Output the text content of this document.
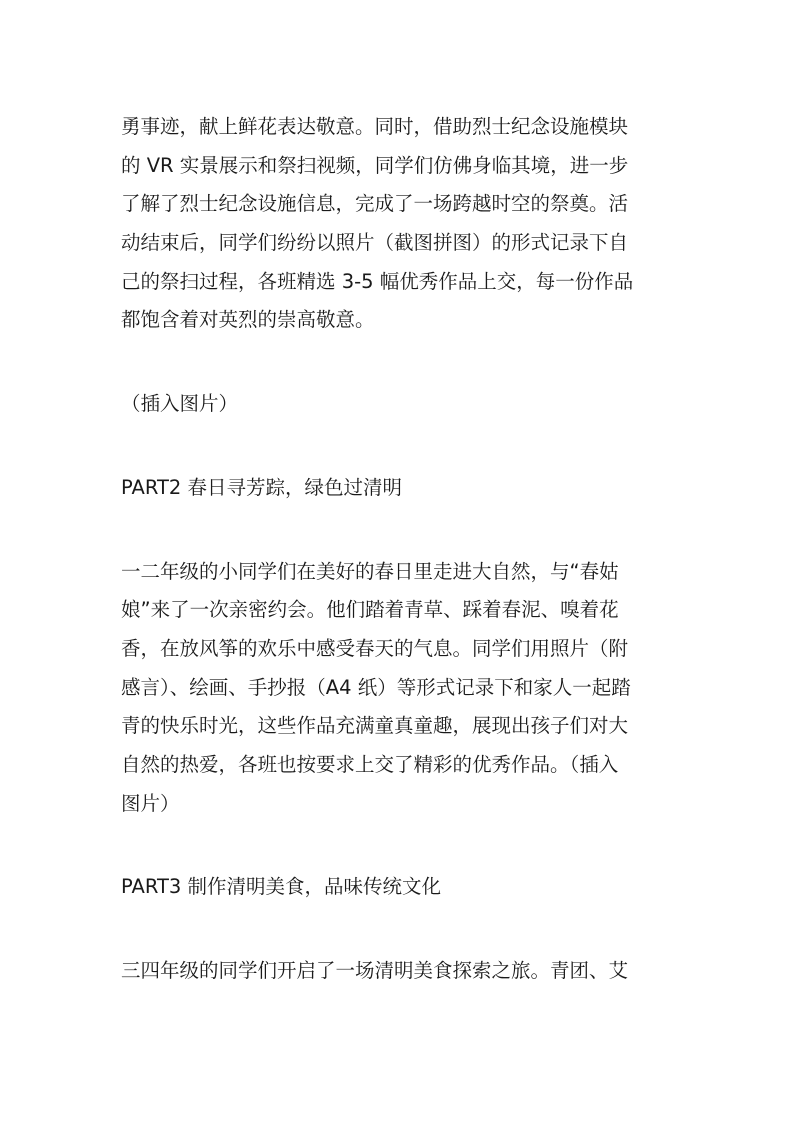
勇事迹，献上鲜花表达敬意。同时，借助烈士纪念设施模块
的 VR 实景展示和祭扫视频，同学们仿佛身临其境，进一步
了解了烈士纪念设施信息，完成了一场跨越时空的祭奠。活
动结束后，同学们纷纷以照片（截图拼图）的形式记录下自
己的祭扫过程，各班精选 3-5 幅优秀作品上交，每一份作品
都饱含着对英烈的崇高敬意。
（插入图片）
PART2 春日寻芳踪，绿色过清明
一二年级的小同学们在美好的春日里走进大自然，与“春姑
娘”来了一次亲密约会。他们踏着青草、踩着春泥、嗅着花
香，在放风筝的欢乐中感受春天的气息。同学们用照片（附
感言）、绘画、手抄报（A4 纸）等形式记录下和家人一起踏
青的快乐时光，这些作品充满童真童趣，展现出孩子们对大
自然的热爱，各班也按要求上交了精彩的优秀作品。（插入
图片）
PART3 制作清明美食，品味传统文化
三四年级的同学们开启了一场清明美食探索之旅。青团、艾
